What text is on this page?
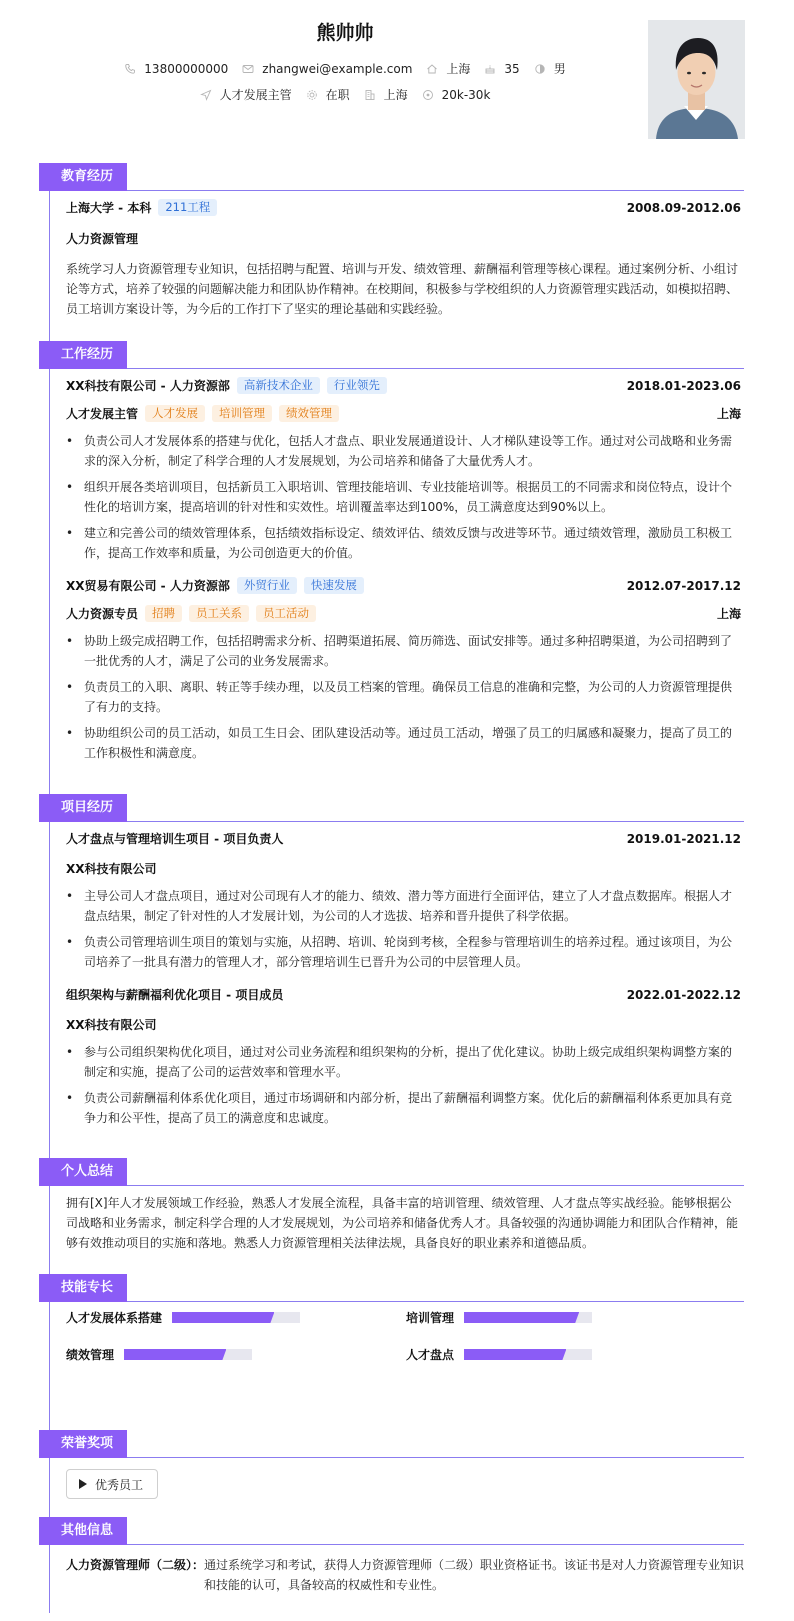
熊帅帅
13800000000	zhangwei@example.com	上海	35	男
人才发展主管	在职	上海	20k-30k
教育经历
上海大学 - 本科	211工程	2008.09-2012.06
人力资源管理
系统学习人力资源管理专业知识，包括招聘与配置、培训与开发、绩效管理、薪酬福利管理等核心课程。通过案例分析、小组讨论等方式，培养了较强的问题解决能力和团队协作精神。在校期间，积极参与学校组织的人力资源管理实践活动，如模拟招聘、员工培训方案设计等，为今后的工作打下了坚实的理论基础和实践经验。
工作经历
XX科技有限公司 - 人力资源部	高新技术企业	行业领先	2018.01-2023.06
人才发展主管	人才发展	培训管理	绩效管理	上海
• 负责公司人才发展体系的搭建与优化，包括人才盘点、职业发展通道设计、人才梯队建设等工作。通过对公司战略和业务需求的深入分析，制定了科学合理的人才发展规划，为公司培养和储备了大量优秀人才。
• 组织开展各类培训项目，包括新员工入职培训、管理技能培训、专业技能培训等。根据员工的不同需求和岗位特点，设计个性化的培训方案，提高培训的针对性和实效性。培训覆盖率达到100%，员工满意度达到90%以上。
• 建立和完善公司的绩效管理体系，包括绩效指标设定、绩效评估、绩效反馈与改进等环节。通过绩效管理，激励员工积极工作，提高工作效率和质量，为公司创造更大的价值。
XX贸易有限公司 - 人力资源部	外贸行业	快速发展	2012.07-2017.12
人力资源专员	招聘	员工关系	员工活动	上海
• 协助上级完成招聘工作，包括招聘需求分析、招聘渠道拓展、简历筛选、面试安排等。通过多种招聘渠道，为公司招聘到了一批优秀的人才，满足了公司的业务发展需求。
• 负责员工的入职、离职、转正等手续办理，以及员工档案的管理。确保员工信息的准确和完整，为公司的人力资源管理提供了有力的支持。
• 协助组织公司的员工活动，如员工生日会、团队建设活动等。通过员工活动，增强了员工的归属感和凝聚力，提高了员工的工作积极性和满意度。
项目经历
人才盘点与管理培训生项目 - 项目负责人	2019.01-2021.12
XX科技有限公司
• 主导公司人才盘点项目，通过对公司现有人才的能力、绩效、潜力等方面进行全面评估，建立了人才盘点数据库。根据人才盘点结果，制定了针对性的人才发展计划，为公司的人才选拔、培养和晋升提供了科学依据。
• 负责公司管理培训生项目的策划与实施，从招聘、培训、轮岗到考核，全程参与管理培训生的培养过程。通过该项目，为公司培养了一批具有潜力的管理人才，部分管理培训生已晋升为公司的中层管理人员。
组织架构与薪酬福利优化项目 - 项目成员	2022.01-2022.12
XX科技有限公司
• 参与公司组织架构优化项目，通过对公司业务流程和组织架构的分析，提出了优化建议。协助上级完成组织架构调整方案的制定和实施，提高了公司的运营效率和管理水平。
• 负责公司薪酬福利体系优化项目，通过市场调研和内部分析，提出了薪酬福利调整方案。优化后的薪酬福利体系更加具有竞争力和公平性，提高了员工的满意度和忠诚度。
个人总结
拥有[X]年人才发展领域工作经验，熟悉人才发展全流程，具备丰富的培训管理、绩效管理、人才盘点等实战经验。能够根据公司战略和业务需求，制定科学合理的人才发展规划，为公司培养和储备优秀人才。具备较强的沟通协调能力和团队合作精神，能够有效推动项目的实施和落地。熟悉人力资源管理相关法律法规，具备良好的职业素养和道德品质。
技能专长
人才发展体系搭建	培训管理
绩效管理	人才盘点
荣誉奖项
优秀员工
其他信息
人力资源管理师（二级）： 通过系统学习和考试，获得人力资源管理师（二级）职业资格证书。该证书是对人力资源管理专业知识和技能的认可，具备较高的权威性和专业性。
